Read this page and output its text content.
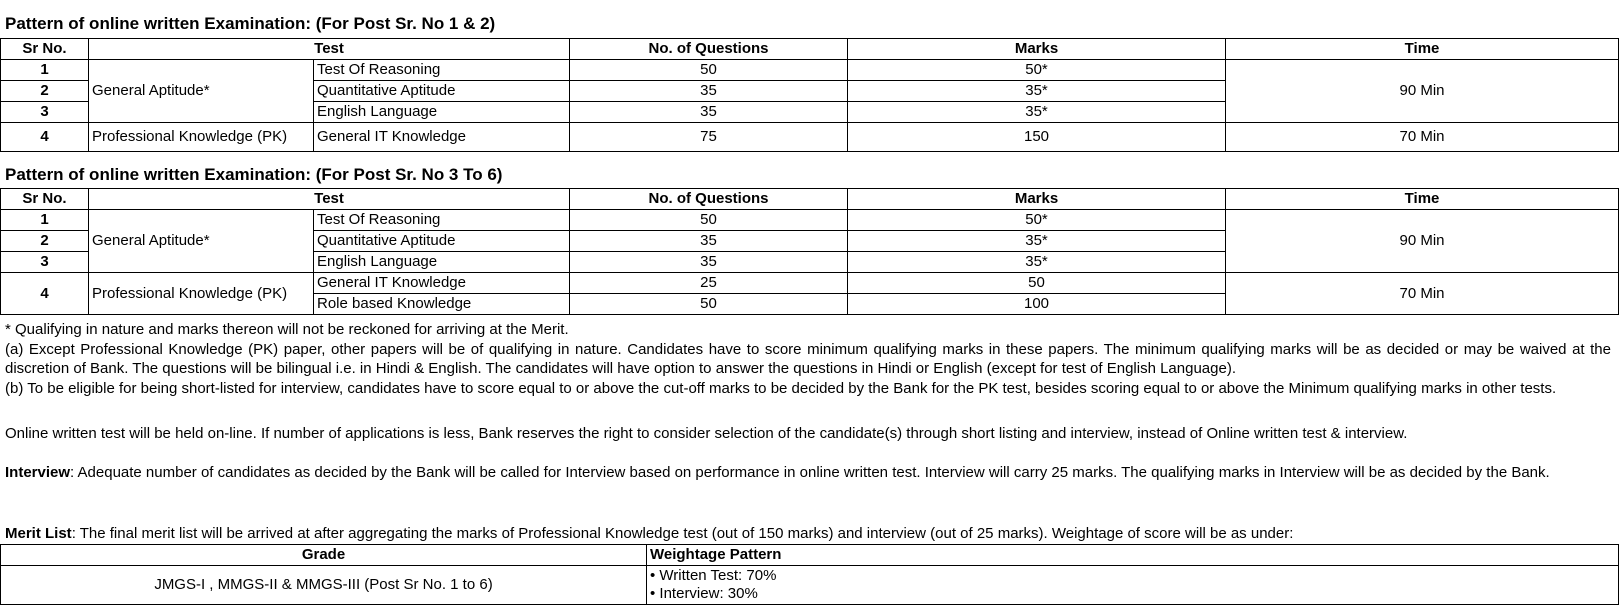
Pattern of online written Examination: (For Post Sr. No 1 & 2)
Sr No.	Test		No. of Questions	Marks	Time
1	General Aptitude*	Test Of Reasoning	50	50*	90 Min
2		Quantitative Aptitude	35	35*	
3		English Language	35	35*	
4	Professional Knowledge (PK)	General IT Knowledge	75	150	70 Min
Pattern of online written Examination: (For Post Sr. No 3 To 6)
Sr No.	Test		No. of Questions	Marks	Time
1	General Aptitude*	Test Of Reasoning	50	50*	90 Min
2		Quantitative Aptitude	35	35*	
3		English Language	35	35*	
4	Professional Knowledge (PK)	General IT Knowledge	25	50	70 Min
		Role based Knowledge	50	100	
* Qualifying in nature and marks thereon will not be reckoned for arriving at the Merit.
(a) Except Professional Knowledge (PK) paper, other papers will be of qualifying in nature. Candidates have to score minimum qualifying marks in these papers. The minimum qualifying marks will be as decided or may be waived at the discretion of Bank. The questions will be bilingual i.e. in Hindi & English. The candidates will have option to answer the questions in Hindi or English (except for test of English Language).
(b) To be eligible for being short-listed for interview, candidates have to score equal to or above the cut-off marks to be decided by the Bank for the PK test, besides scoring equal to or above the Minimum qualifying marks in other tests.
Online written test will be held on-line. If number of applications is less, Bank reserves the right to consider selection of the candidate(s) through short listing and interview, instead of Online written test & interview.
Interview: Adequate number of candidates as decided by the Bank will be called for Interview based on performance in online written test. Interview will carry 25 marks. The qualifying marks in Interview will be as decided by the Bank.
Merit List: The final merit list will be arrived at after aggregating the marks of Professional Knowledge test (out of 150 marks) and interview (out of 25 marks). Weightage of score will be as under:
Grade	Weightage Pattern
JMGS-I , MMGS-II & MMGS-III (Post Sr No. 1 to 6)	• Written Test: 70%
• Interview: 30%
